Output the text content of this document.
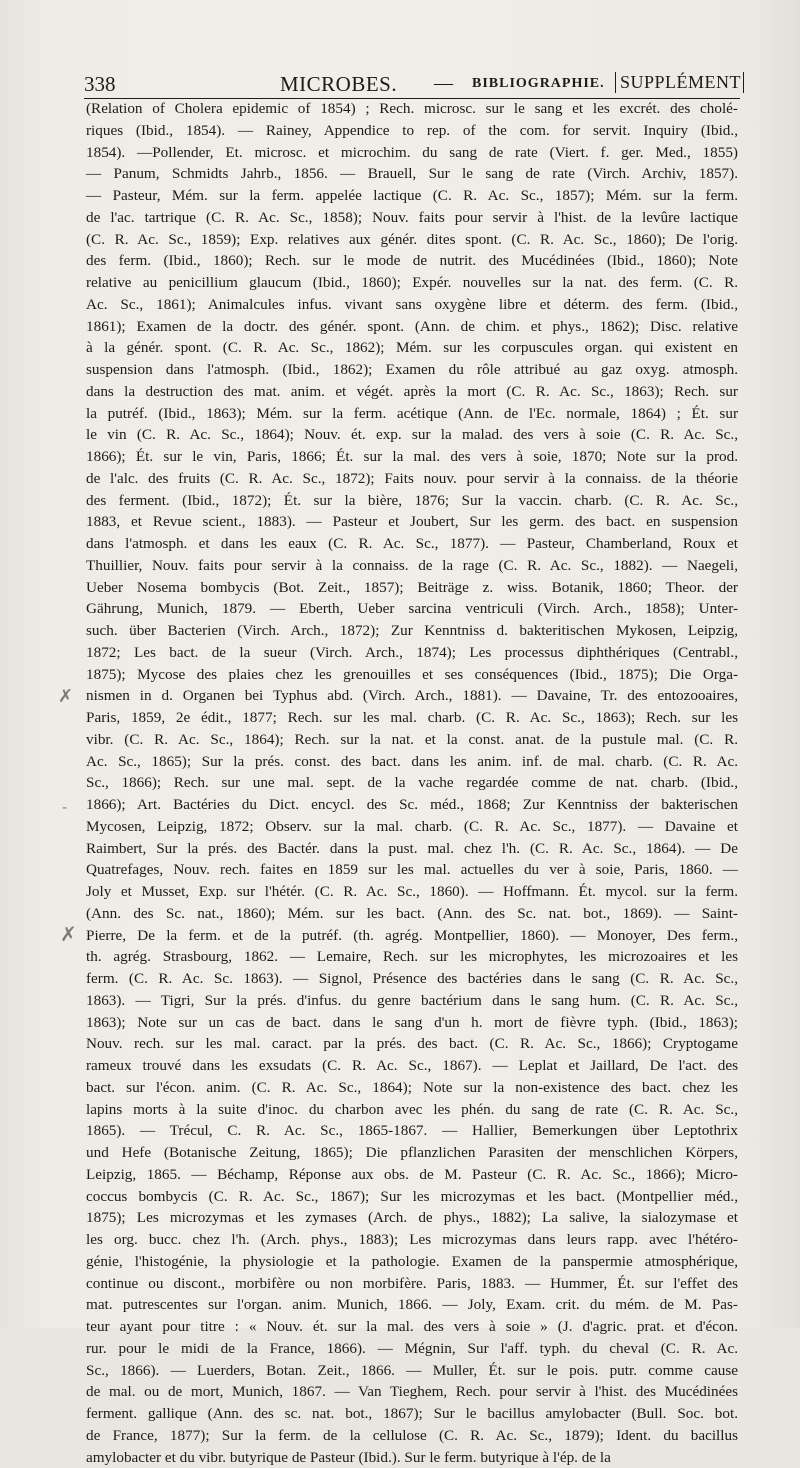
338	MICROBES. — BIBLIOGRAPHIE. SUPPLÉMENT
(Relation of Cholera epidemic of 1854) ; Rech. microsc. sur le sang et les excrét. des cholé-
riques (Ibid., 1854). — Rainey, Appendice to rep. of the com. for servit. Inquiry (Ibid.,
1854). —Pollender, Et. microsc. et microchim. du sang de rate (Viert. f. ger. Med., 1855)
— Panum, Schmidts Jahrb., 1856. — Brauell, Sur le sang de rate (Virch. Archiv, 1857).
— Pasteur, Mém. sur la ferm. appelée lactique (C. R. Ac. Sc., 1857); Mém. sur la ferm.
de l'ac. tartrique (C. R. Ac. Sc., 1858); Nouv. faits pour servir à l'hist. de la levûre lactique
(C. R. Ac. Sc., 1859); Exp. relatives aux génér. dites spont. (C. R. Ac. Sc., 1860); De l'orig.
des ferm. (Ibid., 1860); Rech. sur le mode de nutrit. des Mucédinées (Ibid., 1860); Note
relative au penicillium glaucum (Ibid., 1860); Expér. nouvelles sur la nat. des ferm. (C. R.
Ac. Sc., 1861); Animalcules infus. vivant sans oxygène libre et déterm. des ferm. (Ibid.,
1861); Examen de la doctr. des génér. spont. (Ann. de chim. et phys., 1862); Disc. relative
à la génér. spont. (C. R. Ac. Sc., 1862); Mém. sur les corpuscules organ. qui existent en
suspension dans l'atmosph. (Ibid., 1862); Examen du rôle attribué au gaz oxyg. atmosph.
dans la destruction des mat. anim. et végét. après la mort (C. R. Ac. Sc., 1863); Rech. sur
la putréf. (Ibid., 1863); Mém. sur la ferm. acétique (Ann. de l'Ec. normale, 1864) ; Ét. sur
le vin (C. R. Ac. Sc., 1864); Nouv. ét. exp. sur la malad. des vers à soie (C. R. Ac. Sc.,
1866); Ét. sur le vin, Paris, 1866; Ét. sur la mal. des vers à soie, 1870; Note sur la prod.
de l'alc. des fruits (C. R. Ac. Sc., 1872); Faits nouv. pour servir à la connaiss. de la théorie
des ferment. (Ibid., 1872); Ét. sur la bière, 1876; Sur la vaccin. charb. (C. R. Ac. Sc.,
1883, et Revue scient., 1883). — Pasteur et Joubert, Sur les germ. des bact. en suspension
dans l'atmosph. et dans les eaux (C. R. Ac. Sc., 1877). — Pasteur, Chamberland, Roux et
Thuillier, Nouv. faits pour servir à la connaiss. de la rage (C. R. Ac. Sc., 1882). — Naegeli,
Ueber Nosema bombycis (Bot. Zeit., 1857); Beiträge z. wiss. Botanik, 1860; Theor. der
Gährung, Munich, 1879. — Eberth, Ueber sarcina ventriculi (Virch. Arch., 1858); Unter-
such. über Bacterien (Virch. Arch., 1872); Zur Kenntniss d. bakteritischen Mykosen, Leipzig,
1872; Les bact. de la sueur (Virch. Arch., 1874); Les processus diphthériques (Centrabl.,
1875); Mycose des plaies chez les grenouilles et ses conséquences (Ibid., 1875); Die Orga-
nismen in d. Organen bei Typhus abd. (Virch. Arch., 1881). — Davaine, Tr. des entozooaires,
Paris, 1859, 2e édit., 1877; Rech. sur les mal. charb. (C. R. Ac. Sc., 1863); Rech. sur les
vibr. (C. R. Ac. Sc., 1864); Rech. sur la nat. et la const. anat. de la pustule mal. (C. R.
Ac. Sc., 1865); Sur la prés. const. des bact. dans les anim. inf. de mal. charb. (C. R. Ac.
Sc., 1866); Rech. sur une mal. sept. de la vache regardée comme de nat. charb. (Ibid.,
1866); Art. Bactéries du Dict. encycl. des Sc. méd., 1868; Zur Kenntniss der bakterischen
Mycosen, Leipzig, 1872; Observ. sur la mal. charb. (C. R. Ac. Sc., 1877). — Davaine et
Raimbert, Sur la prés. des Bactér. dans la pust. mal. chez l'h. (C. R. Ac. Sc., 1864). — De
Quatrefages, Nouv. rech. faites en 1859 sur les mal. actuelles du ver à soie, Paris, 1860. —
Joly et Musset, Exp. sur l'hétér. (C. R. Ac. Sc., 1860). — Hoffmann. Ét. mycol. sur la ferm.
(Ann. des Sc. nat., 1860); Mém. sur les bact. (Ann. des Sc. nat. bot., 1869). — Saint-
Pierre, De la ferm. et de la putréf. (th. agrég. Montpellier, 1860). — Monoyer, Des ferm.,
th. agrég. Strasbourg, 1862. — Lemaire, Rech. sur les microphytes, les microzoaires et les
ferm. (C. R. Ac. Sc. 1863). — Signol, Présence des bactéries dans le sang (C. R. Ac. Sc.,
1863). — Tigri, Sur la prés. d'infus. du genre bactérium dans le sang hum. (C. R. Ac. Sc.,
1863); Note sur un cas de bact. dans le sang d'un h. mort de fièvre typh. (Ibid., 1863);
Nouv. rech. sur les mal. caract. par la prés. des bact. (C. R. Ac. Sc., 1866); Cryptogame
rameux trouvé dans les exsudats (C. R. Ac. Sc., 1867). — Leplat et Jaillard, De l'act. des
bact. sur l'écon. anim. (C. R. Ac. Sc., 1864); Note sur la non-existence des bact. chez les
lapins morts à la suite d'inoc. du charbon avec les phén. du sang de rate (C. R. Ac. Sc.,
1865). — Trécul, C. R. Ac. Sc., 1865-1867. — Hallier, Bemerkungen über Leptothrix
und Hefe (Botanische Zeitung, 1865); Die pflanzlichen Parasiten der menschlichen Körpers,
Leipzig, 1865. — Béchamp, Réponse aux obs. de M. Pasteur (C. R. Ac. Sc., 1866); Micro-
coccus bombycis (C. R. Ac. Sc., 1867); Sur les microzymas et les bact. (Montpellier méd.,
1875); Les microzymas et les zymases (Arch. de phys., 1882); La salive, la sialozymase et
les org. bucc. chez l'h. (Arch. phys., 1883); Les microzymas dans leurs rapp. avec l'hétéro-
génie, l'histogénie, la physiologie et la pathologie. Examen de la panspermie atmosphérique,
continue ou discont., morbifère ou non morbifère. Paris, 1883. — Hummer, Ét. sur l'effet des
mat. putrescentes sur l'organ. anim. Munich, 1866. — Joly, Exam. crit. du mém. de M. Pas-
teur ayant pour titre : « Nouv. ét. sur la mal. des vers à soie » (J. d'agric. prat. et d'écon.
rur. pour le midi de la France, 1866). — Mégnin, Sur l'aff. typh. du cheval (C. R. Ac.
Sc., 1866). — Luerders, Botan. Zeit., 1866. — Muller, Ét. sur le pois. putr. comme cause
de mal. ou de mort, Munich, 1867. — Van Tieghem, Rech. pour servir à l'hist. des Mucédinées
ferment. gallique (Ann. des sc. nat. bot., 1867); Sur le bacillus amylobacter (Bull. Soc. bot.
de France, 1877); Sur la ferm. de la cellulose (C. R. Ac. Sc., 1879); Ident. du bacillus
amylobacter et du vibr. butyrique de Pasteur (Ibid.). Sur le ferm. butyrique à l'ép. de la
✗
-
✗
